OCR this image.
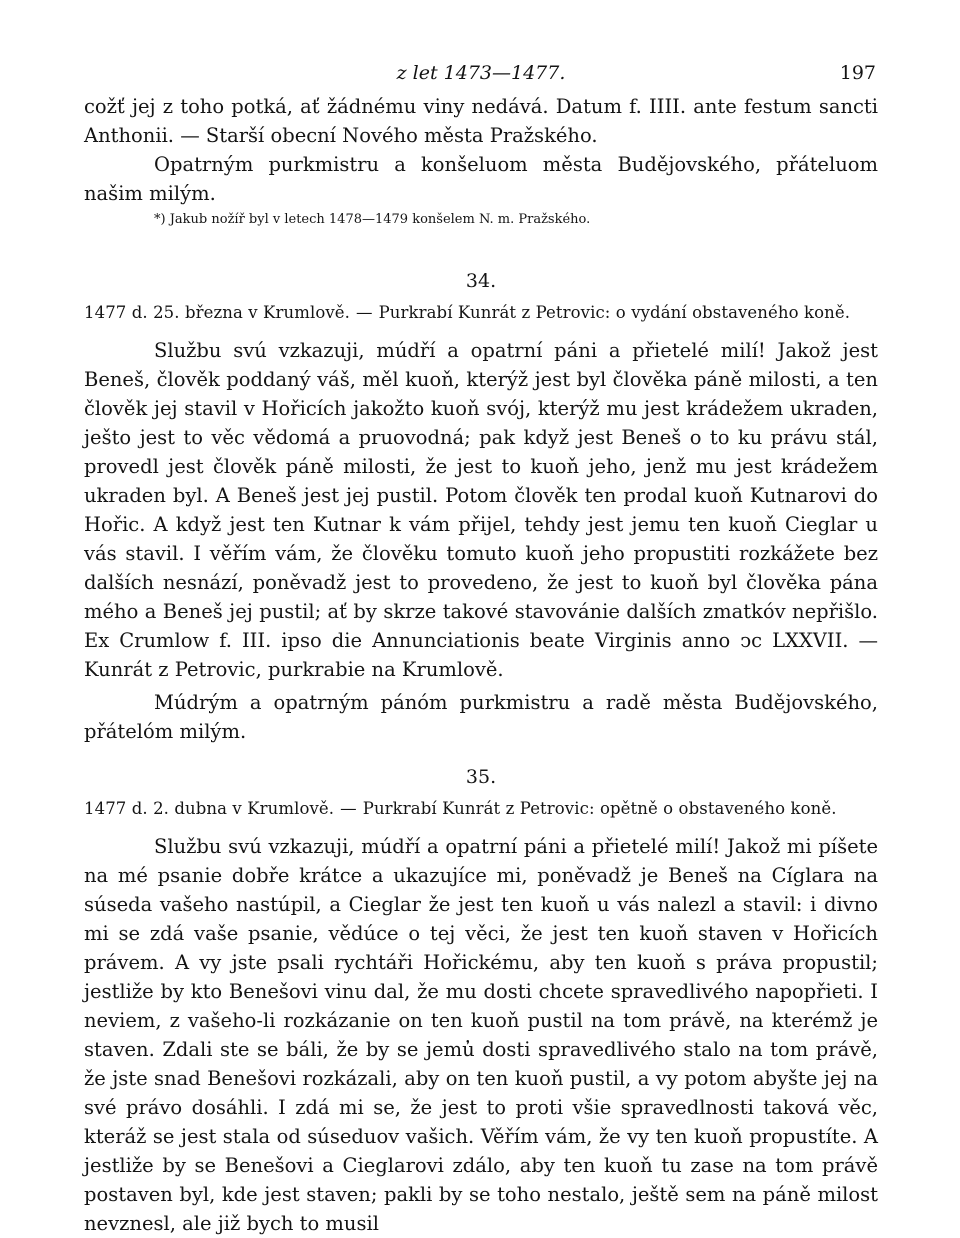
z let 1473—1477.	197

cožť jej z toho potká, ať žádnému viny nedává. Datum f. IIII. ante festum sancti Anthonii. — Starší obecní Nového města Pražského.

Opatrným purkmistru a konšeluom města Budějovského, přáteluom našim milým.

*) Jakub nožíř byl v letech 1478—1479 konšelem N. m. Pražského.
34.

1477 d. 25. března v Krumlově. — Purkrabí Kunrát z Petrovic: o vydání obstaveného koně.

Službu svú vzkazuji, múdří a opatrní páni a přietelé milí! Jakož jest Beneš, člověk poddaný váš, měl kuoň, kterýž jest byl člověka páně milosti, a ten člověk jej stavil v Hořicích jakožto kuoň svój, kterýž mu jest krádežem ukraden, ješto jest to věc vědomá a pruovodná; pak když jest Beneš o to ku právu stál, provedl jest člověk páně milosti, že jest to kuoň jeho, jenž mu jest krádežem ukraden byl. A Beneš jest jej pustil. Potom člověk ten prodal kuoň Kutnarovi do Hořic. A když jest ten Kutnar k vám přijel, tehdy jest jemu ten kuoň Cieglar u vás stavil. I věřím vám, že člověku tomuto kuoň jeho propustiti rozkážete bez dalších nesnází, poněvadž jest to provedeno, že jest to kuoň byl člověka pána mého a Beneš jej pustil; ať by skrze takové stavovánie dalších zmatkóv nepřišlo. Ex Crumlow f. III. ipso die Annunciationis beate Virginis anno ͻc LXXVII. — Kunrát z Petrovic, purkrabie na Krumlově.

Múdrým a opatrným pánóm purkmistru a radě města Budějovského, přátelóm milým.

35.

1477 d. 2. dubna v Krumlově. — Purkrabí Kunrát z Petrovic: opětně o obstaveného koně.

Službu svú vzkazuji, múdří a opatrní páni a přietelé milí! Jakož mi píšete na mé psanie dobře krátce a ukazujíce mi, poněvadž je Beneš na Cíglara na súseda vašeho nastúpil, a Cieglar že jest ten kuoň u vás nalezl a stavil: i divno mi se zdá vaše psanie, vědúce o tej věci, že jest ten kuoň staven v Hořicích právem. A vy jste psali rychtáři Hořickému, aby ten kuoň s práva propustil; jestliže by kto Benešovi vinu dal, že mu dosti chcete spravedlivého napopřieti. I neviem, z vašeho-li rozkázanie on ten kuoň pustil na tom právě, na kterémž je staven. Zdali ste se báli, že by se jemu̓ dosti spravedlivého stalo na tom právě, že jste snad Benešovi rozkázali, aby on ten kuoň pustil, a vy potom abyšte jej na své právo dosáhli. I zdá mi se, že jest to proti všie spravedlnosti taková věc, kteráž se jest stala od súseduov vašich. Věřím vám, že vy ten kuoň propustíte. A jestliže by se Benešovi a Cieglarovi zdálo, aby ten kuoň tu zase na tom právě postaven byl, kde jest staven; pakli by se toho nestalo, ještě sem na páně milost nevznesl, ale již bych to musil
